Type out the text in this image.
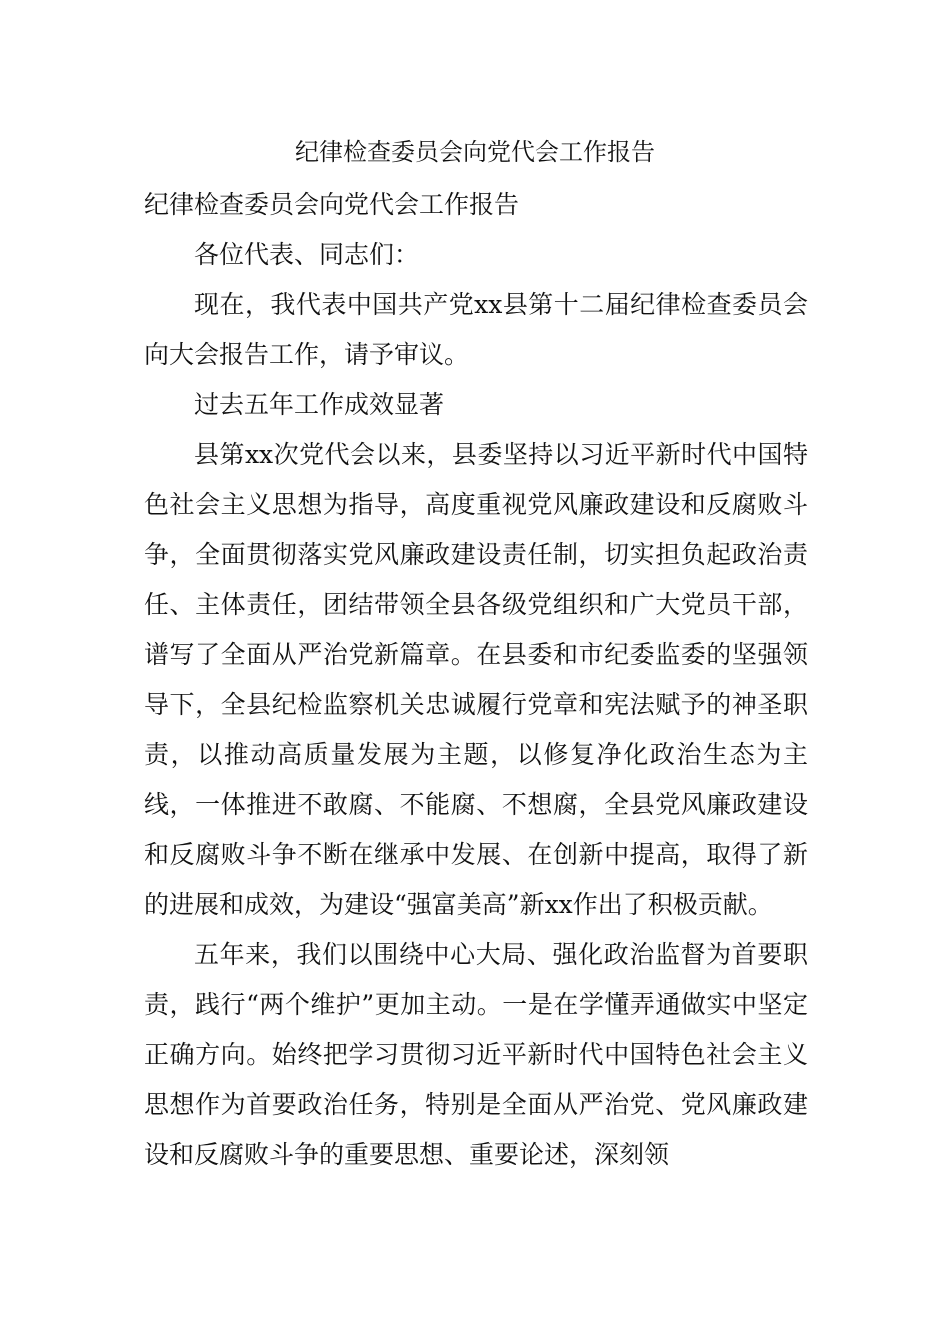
纪律检查委员会向党代会工作报告

纪律检查委员会向党代会工作报告

各位代表、同志们：

现在，我代表中国共产党xx县第十二届纪律检查委员会向大会报告工作，请予审议。

过去五年工作成效显著

县第xx次党代会以来，县委坚持以习近平新时代中国特色社会主义思想为指导，高度重视党风廉政建设和反腐败斗争，全面贯彻落实党风廉政建设责任制，切实担负起政治责任、主体责任，团结带领全县各级党组织和广大党员干部，谱写了全面从严治党新篇章。在县委和市纪委监委的坚强领导下，全县纪检监察机关忠诚履行党章和宪法赋予的神圣职责，以推动高质量发展为主题，以修复净化政治生态为主线，一体推进不敢腐、不能腐、不想腐，全县党风廉政建设和反腐败斗争不断在继承中发展、在创新中提高，取得了新的进展和成效，为建设“强富美高”新xx作出了积极贡献。

五年来，我们以围绕中心大局、强化政治监督为首要职责，践行“两个维护”更加主动。一是在学懂弄通做实中坚定正确方向。始终把学习贯彻习近平新时代中国特色社会主义思想作为首要政治任务，特别是全面从严治党、党风廉政建设和反腐败斗争的重要思想、重要论述，深刻领
